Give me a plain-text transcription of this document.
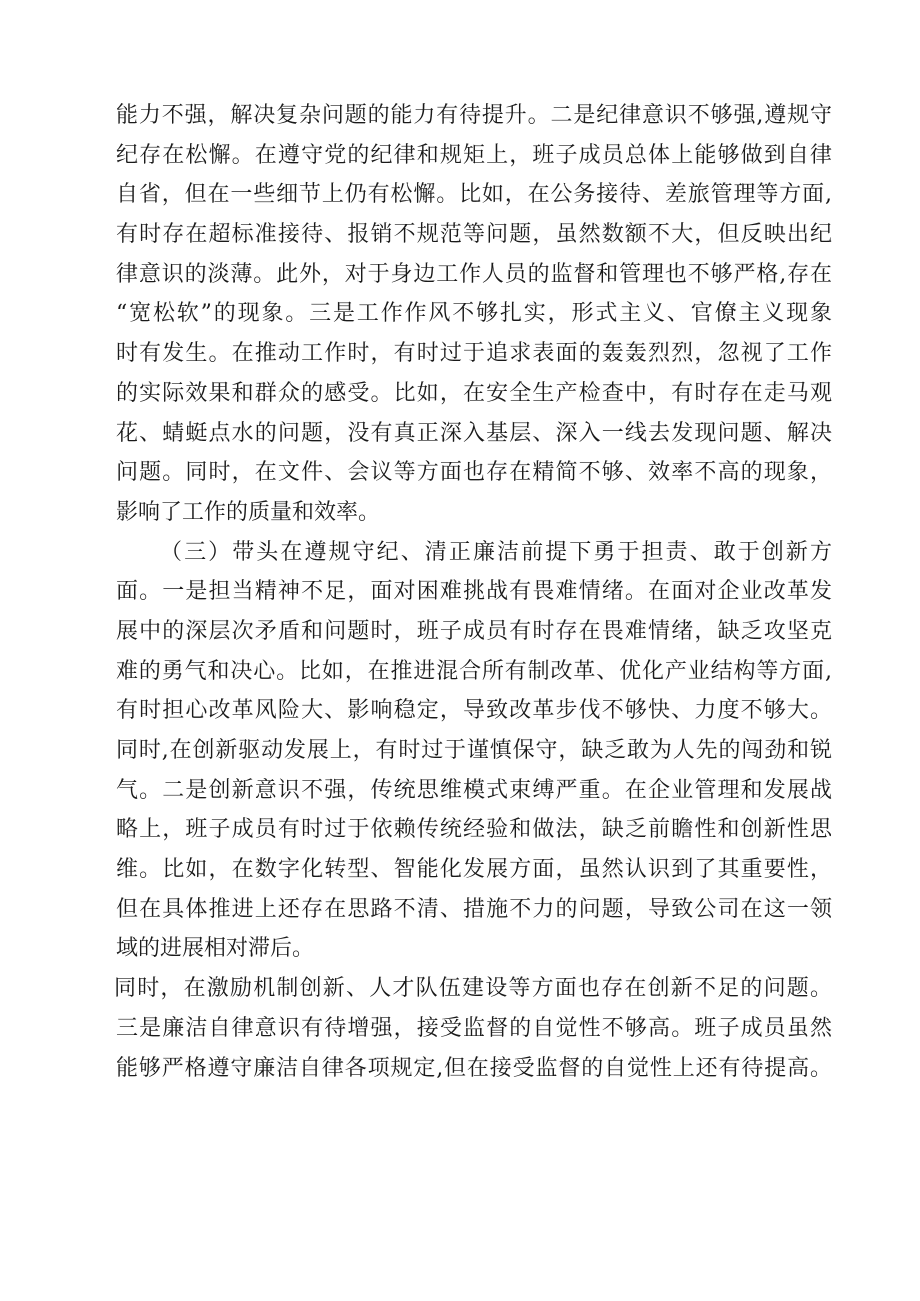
能力不强，解决复杂问题的能力有待提升。二是纪律意识不够强,遵规守
纪存在松懈。在遵守党的纪律和规矩上，班子成员总体上能够做到自律
自省，但在一些细节上仍有松懈。比如，在公务接待、差旅管理等方面,
有时存在超标准接待、报销不规范等问题，虽然数额不大，但反映出纪
律意识的淡薄。此外，对于身边工作人员的监督和管理也不够严格,存在
“宽松软”的现象。三是工作作风不够扎实，形式主义、官僚主义现象
时有发生。在推动工作时，有时过于追求表面的轰轰烈烈，忽视了工作
的实际效果和群众的感受。比如，在安全生产检查中，有时存在走马观
花、蜻蜓点水的问题，没有真正深入基层、深入一线去发现问题、解决
问题。同时，在文件、会议等方面也存在精简不够、效率不高的现象，
影响了工作的质量和效率。
（三）带头在遵规守纪、清正廉洁前提下勇于担责、敢于创新方
面。一是担当精神不足，面对困难挑战有畏难情绪。在面对企业改革发
展中的深层次矛盾和问题时，班子成员有时存在畏难情绪，缺乏攻坚克
难的勇气和决心。比如，在推进混合所有制改革、优化产业结构等方面,
有时担心改革风险大、影响稳定，导致改革步伐不够快、力度不够大。
同时,在创新驱动发展上，有时过于谨慎保守，缺乏敢为人先的闯劲和锐
气。二是创新意识不强，传统思维模式束缚严重。在企业管理和发展战
略上，班子成员有时过于依赖传统经验和做法，缺乏前瞻性和创新性思
维。比如，在数字化转型、智能化发展方面，虽然认识到了其重要性，
但在具体推进上还存在思路不清、措施不力的问题，导致公司在这一领
域的进展相对滞后。
同时，在激励机制创新、人才队伍建设等方面也存在创新不足的问题。
三是廉洁自律意识有待增强，接受监督的自觉性不够高。班子成员虽然
能够严格遵守廉洁自律各项规定,但在接受监督的自觉性上还有待提高。
